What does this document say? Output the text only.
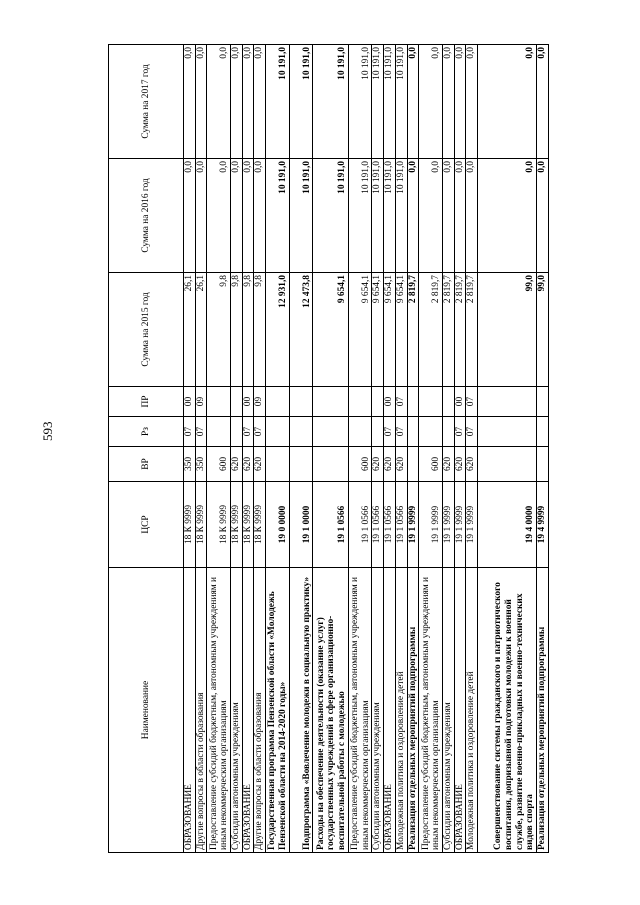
593
Наименование	ЦСР	ВР	Рз	ПР	Сумма на 2015 год	Сумма на 2016 год	Сумма на 2017 год
ОБРАЗОВАНИЕ	18 К 9999	350	07	00	26,1	0,0	0,0
Другие вопросы в области образования	18 К 9999	350	07	09	26,1	0,0	0,0
Предоставление субсидий бюджетным, автономным учреждениям и иным некоммерческим организациям	18 К 9999	600			9,8	0,0	0,0
Субсидии автономным учреждениям	18 К 9999	620			9,8	0,0	0,0
ОБРАЗОВАНИЕ	18 К 9999	620	07	00	9,8	0,0	0,0
Другие вопросы в области образования	18 К 9999	620	07	09	9,8	0,0	0,0
Государственная программа Пензенской области «Молодежь Пензенской области на 2014-2020 годы»	19 0 0000				12 931,0	10 191,0	10 191,0
Подпрограмма «Вовлечение молодежи в социальную практику»	19 1 0000				12 473,8	10 191,0	10 191,0
Расходы на обеспечение деятельности (оказание услуг) государственных учреждений в сфере организационно-воспитательной работы с молодежью	19 1 0566				9 654,1	10 191,0	10 191,0
Предоставление субсидий бюджетным, автономным учреждениям и иным некоммерческим организациям	19 1 0566	600			9 654,1	10 191,0	10 191,0
Субсидии автономным учреждениям	19 1 0566	620			9 654,1	10 191,0	10 191,0
ОБРАЗОВАНИЕ	19 1 0566	620	07	00	9 654,1	10 191,0	10 191,0
Молодежная политика и оздоровление детей	19 1 0566	620	07	07	9 654,1	10 191,0	10 191,0
Реализация отдельных мероприятий подпрограммы	19 1 9999				2 819,7	0,0	0,0
Предоставление субсидий бюджетным, автономным учреждениям и иным некоммерческим организациям	19 1 9999	600			2 819,7	0,0	0,0
Субсидии автономным учреждениям	19 1 9999	620			2 819,7	0,0	0,0
ОБРАЗОВАНИЕ	19 1 9999	620	07	00	2 819,7	0,0	0,0
Молодежная политика и оздоровление детей	19 1 9999	620	07	07	2 819,7	0,0	0,0
Совершенствование системы гражданского и патриотического воспитания, допризывной подготовки молодежи к военной службе, развитие военно-прикладных и военно-технических видов спорта	19 4 0000				99,0	0,0	0,0
Реализация отдельных мероприятий подпрограммы	19 4 9999				99,0	0,0	0,0
